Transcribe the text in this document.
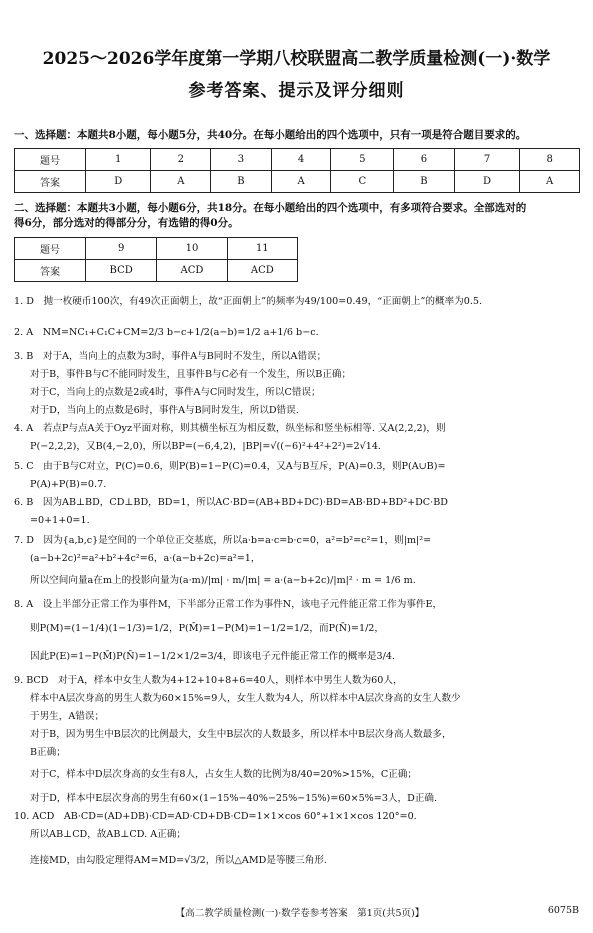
2025～2026学年度第一学期八校联盟高二教学质量检测(一)·数学
参考答案、提示及评分细则
一、选择题：本题共8小题，每小题5分，共40分。在每小题给出的四个选项中，只有一项是符合题目要求的。
题号	1	2	3	4	5	6	7	8
答案	D	A	B	A	C	B	D	A
二、选择题：本题共3小题，每小题6分，共18分。在每小题给出的四个选项中，有多项符合要求。全部选对的
得6分，部分选对的得部分分，有选错的得0分。
题号	9	10	11
答案	BCD	ACD	ACD
1. D　抛一枚硬币100次，有49次正面朝上，故“正面朝上”的频率为49/100=0.49，“正面朝上”的概率为0.5.
2. A　NM=NC₁+C₁C+CM=2/3 b−c+1/2(a−b)=1/2 a+1/6 b−c.
3. B　对于A，当向上的点数为3时，事件A与B同时不发生，所以A错误；
对于B，事件B与C不能同时发生，且事件B与C必有一个发生，所以B正确；
对于C，当向上的点数是2或4时，事件A与C同时发生，所以C错误；
对于D，当向上的点数是6时，事件A与B同时发生，所以D错误.
4. A　若点P与点A关于Oyz平面对称，则其横坐标互为相反数，纵坐标和竖坐标相等. 又A(2,2,2)，则
P(−2,2,2)，又B(4,−2,0)，所以BP=(−6,4,2)，|BP|=√((−6)²+4²+2²)=2√14.
5. C　由于B与C对立，P(C)=0.6，则P(B)=1−P(C)=0.4，又A与B互斥，P(A)=0.3，则P(A∪B)=
P(A)+P(B)=0.7.
6. B　因为AB⊥BD，CD⊥BD，BD=1，所以AC·BD=(AB+BD+DC)·BD=AB·BD+BD²+DC·BD
=0+1+0=1.
7. D　因为{a,b,c}是空间的一个单位正交基底，所以a·b=a·c=b·c=0，a²=b²=c²=1，则|m|²=
(a−b+2c)²=a²+b²+4c²=6，a·(a−b+2c)=a²=1，
所以空间向量a在m上的投影向量为(a·m)/|m| · m/|m| = a·(a−b+2c)/|m|² · m = 1/6 m.
8. A　设上半部分正常工作为事件M，下半部分正常工作为事件N，该电子元件能正常工作为事件E，
则P(M)=(1−1/4)(1−1/3)=1/2，P(M̄)=1−P(M)=1−1/2=1/2，而P(N̄)=1/2，
因此P(E)=1−P(M̄)P(N̄)=1−1/2×1/2=3/4，即该电子元件能正常工作的概率是3/4.
9. BCD　对于A，样本中女生人数为4+12+10+8+6=40人，则样本中男生人数为60人，
样本中A层次身高的男生人数为60×15%=9人，女生人数为4人，所以样本中A层次身高的女生人数少
于男生，A错误；
对于B，因为男生中B层次的比例最大，女生中B层次的人数最多，所以样本中B层次身高人数最多，
B正确；
对于C，样本中D层次身高的女生有8人，占女生人数的比例为8/40=20%>15%，C正确；
对于D，样本中E层次身高的男生有60×(1−15%−40%−25%−15%)=60×5%=3人，D正确.
10. ACD　AB·CD=(AD+DB)·CD=AD·CD+DB·CD=1×1×cos 60°+1×1×cos 120°=0.
所以AB⊥CD，故AB⊥CD. A正确；
连接MD，由勾股定理得AM=MD=√3/2，所以△AMD是等腰三角形.
【高二教学质量检测(一)·数学卷参考答案　第1页(共5页)】	6075B
